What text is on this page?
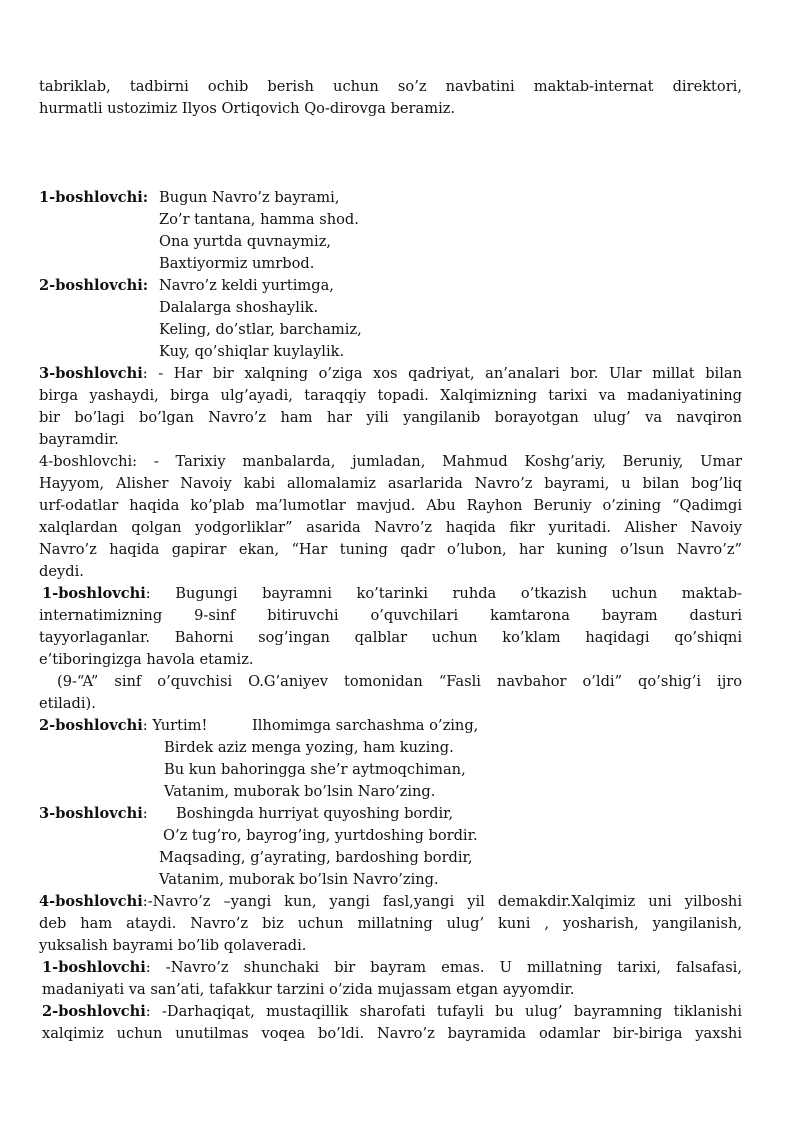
tabriklab, tadbirni ochib berish uchun so’z navbatini maktab-internat direktori,
hurmatli ustozimiz Ilyos Ortiqovich Qo-dirovga beramiz.
1-boshlovchi: Bugun Navro’z bayrami,
Zo’r tantana, hamma shod.
Ona yurtda quvnaymiz,
Baxtiyormiz umrbod.
2-boshlovchi: Navro’z keldi yurtimga,
Dalalarga shoshaylik.
Keling, do’stlar, barchamiz,
Kuy, qo’shiqlar kuylaylik.
3-boshlovchi: - Har bir xalqning o’ziga xos qadriyat, an’analari bor. Ular millat bilan
birga yashaydi, birga ulg’ayadi, taraqqiy topadi. Xalqimizning tarixi va madaniyatining
bir bo’lagi bo’lgan Navro’z ham har yili yangilanib borayotgan ulug’ va navqiron
bayramdir.
4-boshlovchi: - Tarixiy manbalarda, jumladan, Mahmud Koshg’ariy, Beruniy, Umar
Hayyom, Alisher Navoiy kabi allomalamiz asarlarida Navro’z bayrami, u bilan bog’liq
urf-odatlar haqida ko’plab ma’lumotlar mavjud. Abu Rayhon Beruniy o’zining “Qadimgi
xalqlardan qolgan yodgorliklar” asarida Navro’z haqida fikr yuritadi. Alisher Navoiy
Navro’z haqida gapirar ekan, “Har tuning qadr o’lubon, har kuning o’lsun Navro’z”
deydi.
1-boshlovchi: Bugungi bayramni ko’tarinki ruhda o’tkazish uchun maktab-
internatimizning 9-sinf bitiruvchi o’quvchilari kamtarona bayram dasturi
tayyorlaganlar. Bahorni sog’ingan qalblar uchun ko’klam haqidagi qo’shiqni
e’tiboringizga havola etamiz.
(9-“A” sinf o’quvchisi O.G’aniyev tomonidan “Fasli navbahor o’ldi” qo’shig’i ijro
etiladi).
2-boshlovchi: Yurtim!	Ilhomimga sarchashma o’zing,
Birdek aziz menga yozing, ham kuzing.
Bu kun bahoringga she’r aytmoqchiman,
Vatanim, muborak bo’lsin Naro’zing.
3-boshlovchi: Boshingda hurriyat quyoshing bordir,
O’z tug’ro, bayrog’ing, yurtdoshing bordir.
Maqsading, g’ayrating, bardoshing bordir,
Vatanim, muborak bo’lsin Navro’zing.
4-boshlovchi:-Navro’z –yangi kun, yangi fasl,yangi yil demakdir.Xalqimiz uni yilboshi
deb ham ataydi. Navro’z biz uchun millatning ulug’ kuni , yosharish, yangilanish,
yuksalish bayrami bo’lib qolaveradi.
1-boshlovchi: -Navro’z shunchaki bir bayram emas. U millatning tarixi, falsafasi,
madaniyati va san’ati, tafakkur tarzini o’zida mujassam etgan ayyomdir.
2-boshlovchi: -Darhaqiqat, mustaqillik sharofati tufayli bu ulug’ bayramning tiklanishi
xalqimiz uchun unutilmas voqea bo’ldi. Navro’z bayramida odamlar bir-biriga yaxshi
